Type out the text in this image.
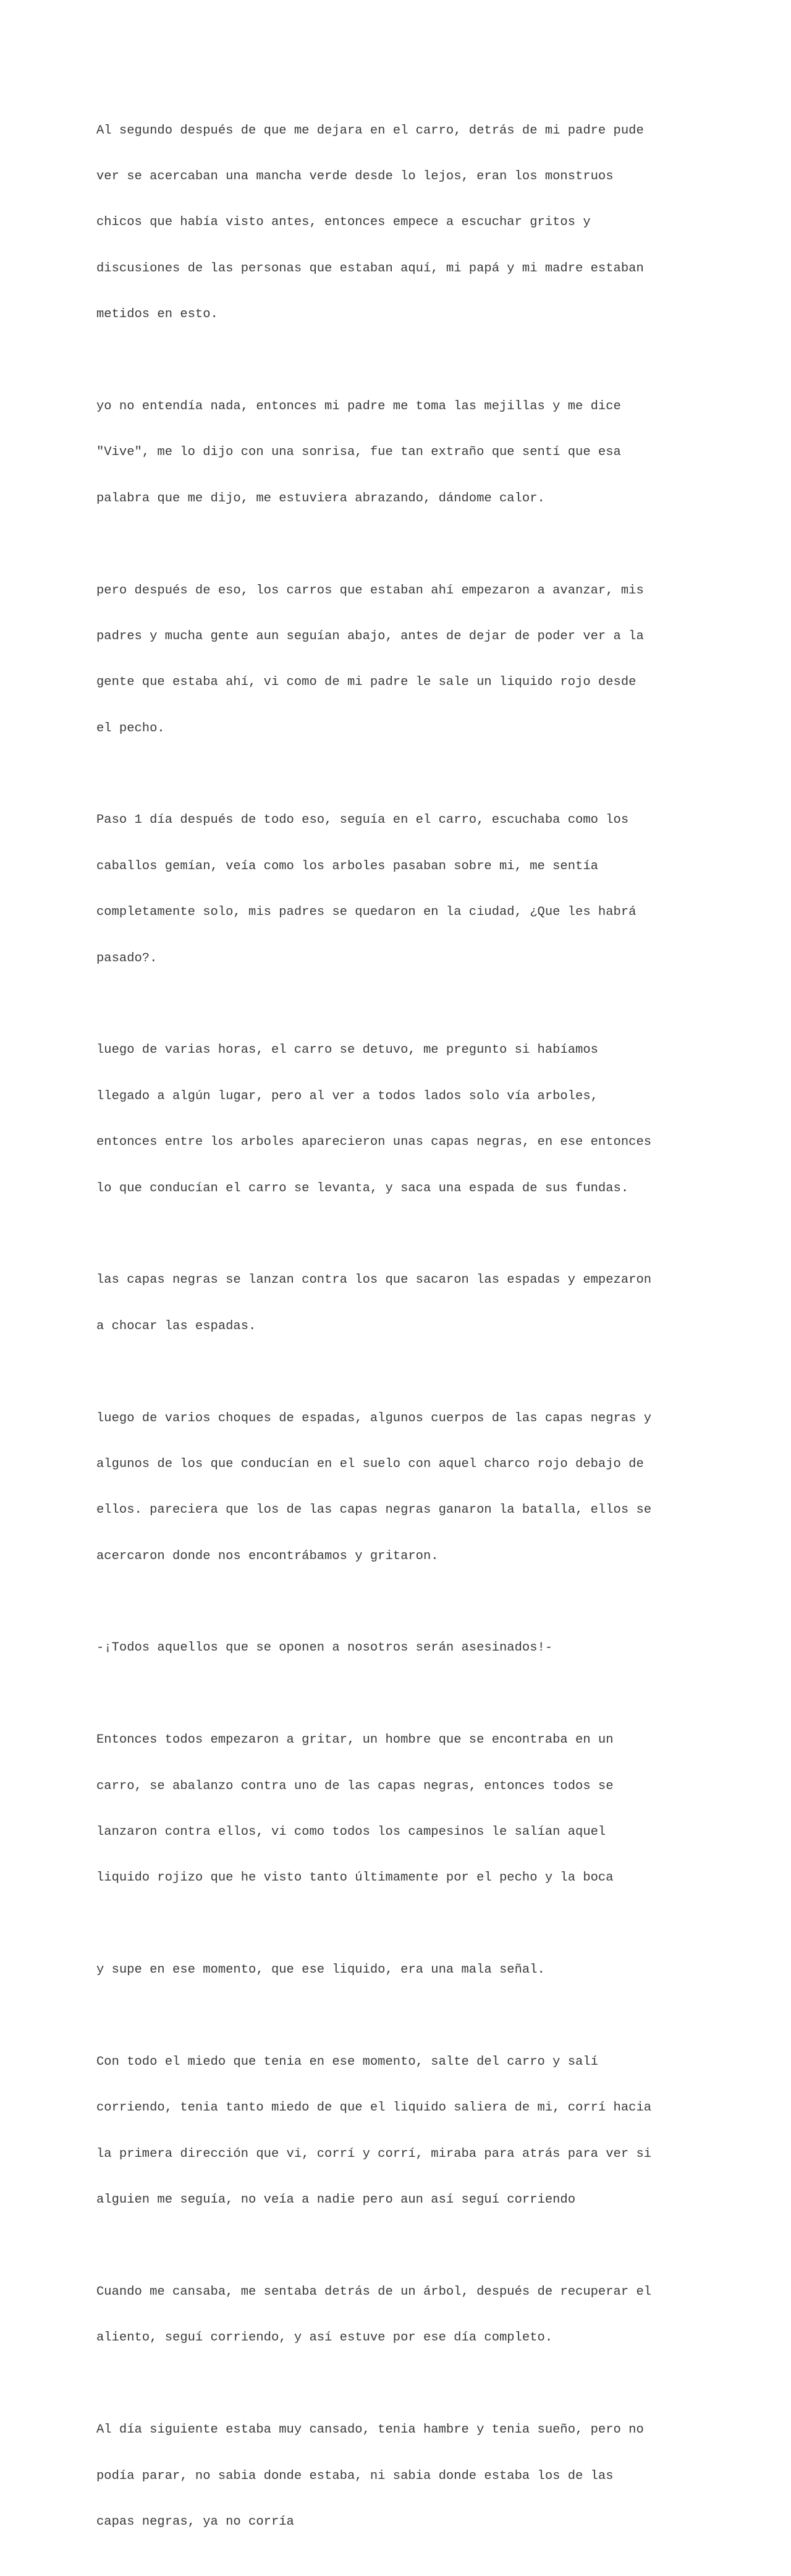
Al segundo después de que me dejara en el carro, detrás de mi padre pude

ver se acercaban una mancha verde desde lo lejos, eran los monstruos

chicos que había visto antes, entonces empece a escuchar gritos y

discusiones de las personas que estaban aquí, mi papá y mi madre estaban

metidos en esto.

yo no entendía nada, entonces mi padre me toma las mejillas y me dice

"Vive", me lo dijo con una sonrisa, fue tan extraño que sentí que esa

palabra que me dijo, me estuviera abrazando, dándome calor.

pero después de eso, los carros que estaban ahí empezaron a avanzar, mis

padres y mucha gente aun seguían abajo, antes de dejar de poder ver a la

gente que estaba ahí, vi como de mi padre le sale un liquido rojo desde

el pecho.

Paso 1 día después de todo eso, seguía en el carro, escuchaba como los

caballos gemían, veía como los arboles pasaban sobre mi, me sentía

completamente solo, mis padres se quedaron en la ciudad, ¿Que les habrá

pasado?.

luego de varias horas, el carro se detuvo, me pregunto si habíamos

llegado a algún lugar, pero al ver a todos lados solo vía arboles,

entonces entre los arboles aparecieron unas capas negras, en ese entonces

lo que conducían el carro se levanta, y saca una espada de sus fundas.

las capas negras se lanzan contra los que sacaron las espadas y empezaron

a chocar las espadas.

luego de varios choques de espadas, algunos cuerpos de las capas negras y

algunos de los que conducían en el suelo con aquel charco rojo debajo de

ellos. pareciera que los de las capas negras ganaron la batalla, ellos se

acercaron donde nos encontrábamos y gritaron.

-¡Todos aquellos que se oponen a nosotros serán asesinados!-

Entonces todos empezaron a gritar, un hombre que se encontraba en un

carro, se abalanzo contra uno de las capas negras, entonces todos se

lanzaron contra ellos, vi como todos los campesinos le salían aquel

liquido rojizo que he visto tanto últimamente por el pecho y la boca

y supe en ese momento, que ese liquido, era una mala señal.

Con todo el miedo que tenia en ese momento, salte del carro y salí

corriendo, tenia tanto miedo de que el liquido saliera de mi, corrí hacia

la primera dirección que vi, corrí y corrí, miraba para atrás para ver si

alguien me seguía, no veía a nadie pero aun así seguí corriendo

Cuando me cansaba, me sentaba detrás de un árbol, después de recuperar el

aliento, seguí corriendo, y así estuve por ese día completo.

Al día siguiente estaba muy cansado, tenia hambre y tenia sueño, pero no

podía parar, no sabia donde estaba, ni sabia donde estaba los de las

capas negras, ya no corría
